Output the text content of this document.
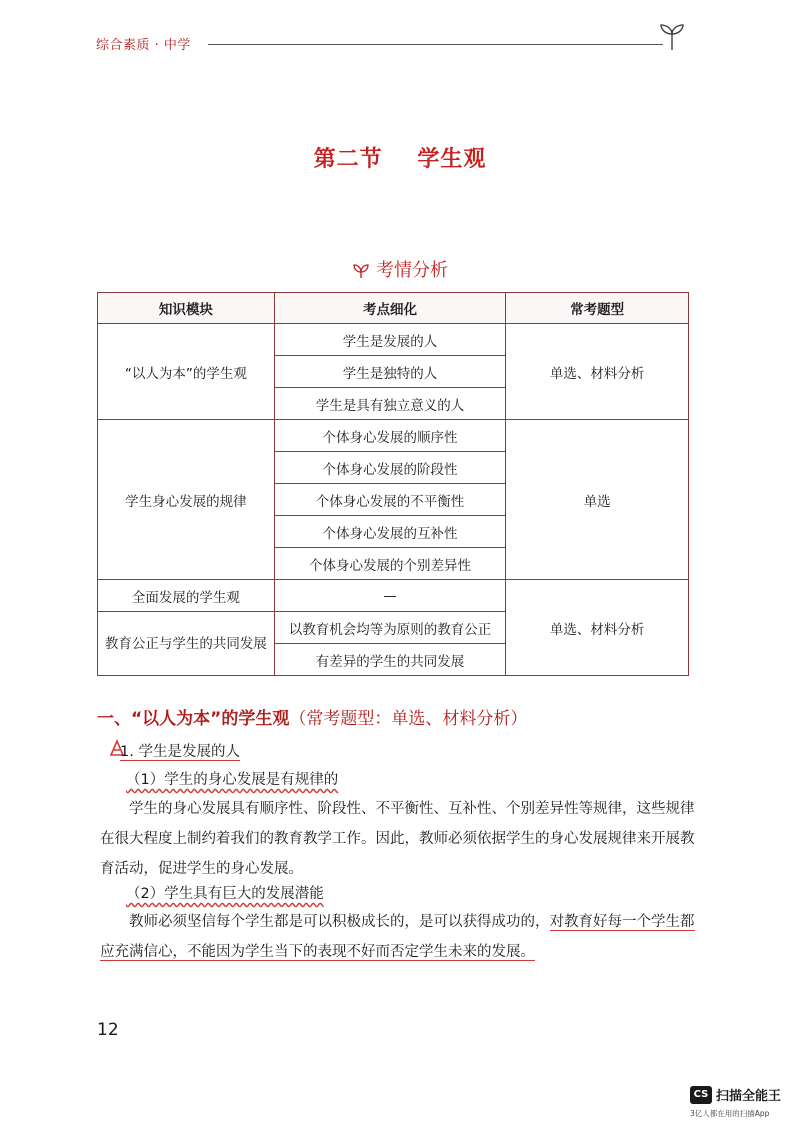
综合素质 · 中学
第二节 学生观
考情分析
知识模块	考点细化	常考题型
“以人为本”的学生观	学生是发展的人	单选、材料分析
	学生是独特的人	
	学生是具有独立意义的人	
学生身心发展的规律	个体身心发展的顺序性	单选
	个体身心发展的阶段性	
	个体身心发展的不平衡性	
	个体身心发展的互补性	
	个体身心发展的个别差异性	
全面发展的学生观	—	单选、材料分析
教育公正与学生的共同发展	以教育机会均等为原则的教育公正	
	有差异的学生的共同发展	
一、“以人为本”的学生观（常考题型：单选、材料分析）
1. 学生是发展的人
（1）学生的身心发展是有规律的
学生的身心发展具有顺序性、阶段性、不平衡性、互补性、个别差异性等规律，这些规律在很大程度上制约着我们的教育教学工作。因此，教师必须依据学生的身心发展规律来开展教育活动，促进学生的身心发展。
（2）学生具有巨大的发展潜能
教师必须坚信每个学生都是可以积极成长的，是可以获得成功的，对教育好每一个学生都应充满信心，不能因为学生当下的表现不好而否定学生未来的发展。
12
CS 扫描全能王
3亿人都在用的扫描App
